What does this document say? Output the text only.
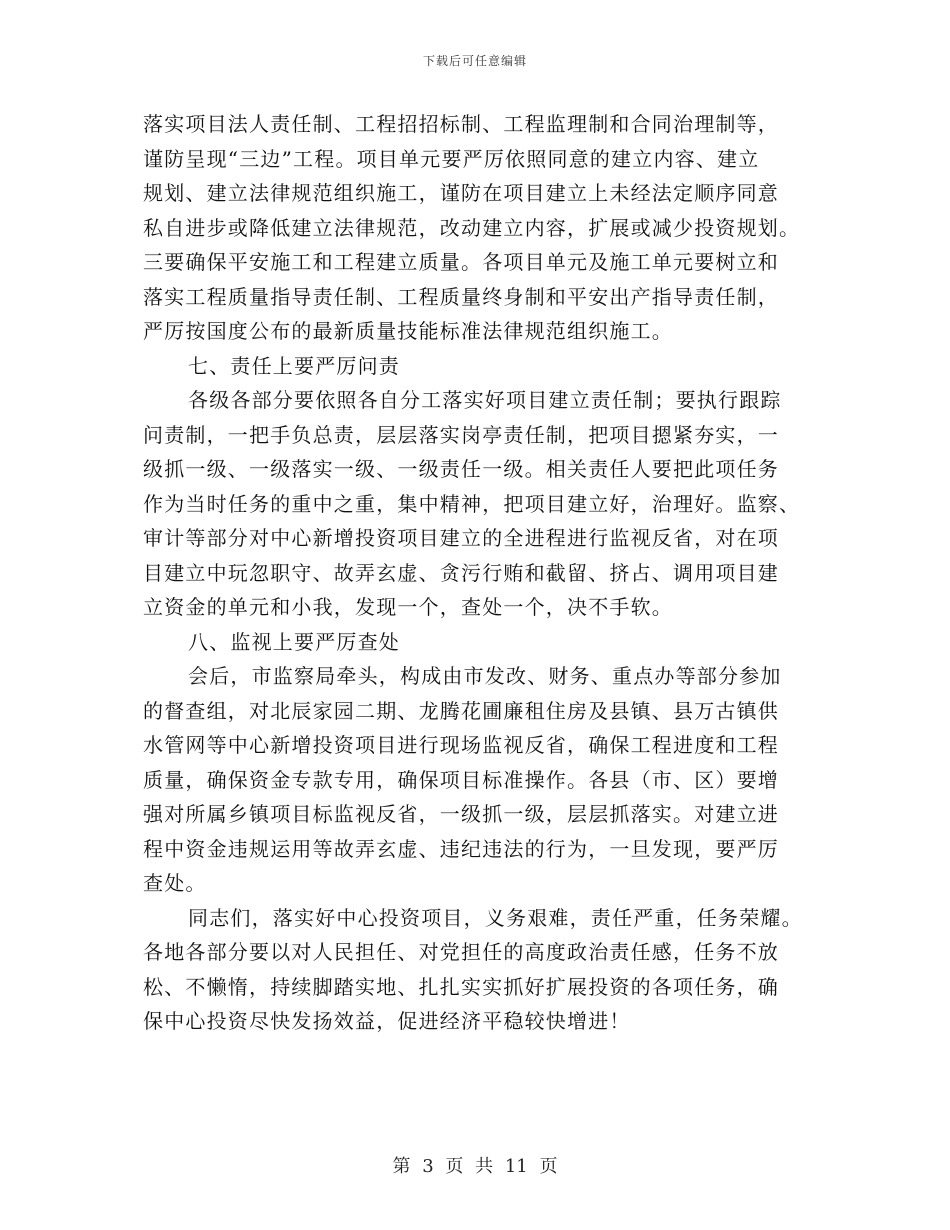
下载后可任意编辑
落实项目法人责任制、工程招招标制、工程监理制和合同治理制等，
谨防呈现“三边”工程。项目单元要严厉依照同意的建立内容、建立
规划、建立法律规范组织施工，谨防在项目建立上未经法定顺序同意
私自进步或降低建立法律规范，改动建立内容，扩展或减少投资规划。
三要确保平安施工和工程建立质量。各项目单元及施工单元要树立和
落实工程质量指导责任制、工程质量终身制和平安出产指导责任制，
严厉按国度公布的最新质量技能标准法律规范组织施工。
七、责任上要严厉问责
各级各部分要依照各自分工落实好项目建立责任制；要执行跟踪
问责制，一把手负总责，层层落实岗亭责任制，把项目摁紧夯实，一
级抓一级、一级落实一级、一级责任一级。相关责任人要把此项任务
作为当时任务的重中之重，集中精神，把项目建立好，治理好。监察、
审计等部分对中心新增投资项目建立的全进程进行监视反省，对在项
目建立中玩忽职守、故弄玄虚、贪污行贿和截留、挤占、调用项目建
立资金的单元和小我，发现一个，查处一个，决不手软。
八、监视上要严厉查处
会后，市监察局牵头，构成由市发改、财务、重点办等部分参加
的督查组，对北辰家园二期、龙腾花圃廉租住房及县镇、县万古镇供
水管网等中心新增投资项目进行现场监视反省，确保工程进度和工程
质量，确保资金专款专用，确保项目标准操作。各县（市、区）要增
强对所属乡镇项目标监视反省，一级抓一级，层层抓落实。对建立进
程中资金违规运用等故弄玄虚、违纪违法的行为，一旦发现，要严厉
查处。
同志们，落实好中心投资项目，义务艰难，责任严重，任务荣耀。
各地各部分要以对人民担任、对党担任的高度政治责任感，任务不放
松、不懒惰，持续脚踏实地、扎扎实实抓好扩展投资的各项任务，确
保中心投资尽快发扬效益，促进经济平稳较快增进！
第 3 页 共 11 页
